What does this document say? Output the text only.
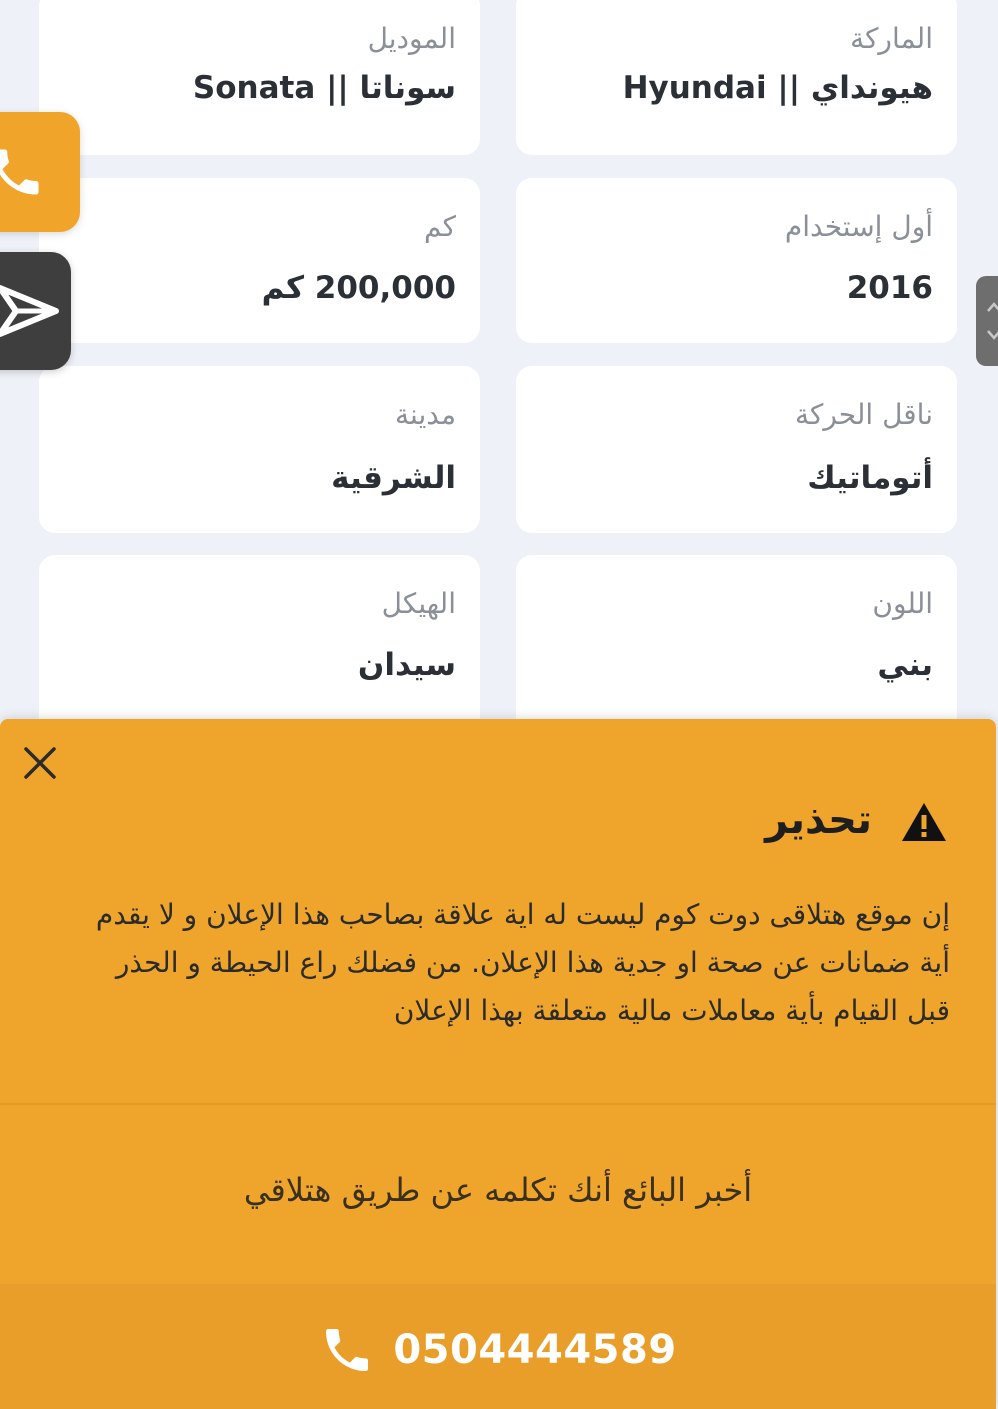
الماركة
هيونداي || Hyundai
الموديل
سوناتا || Sonata
أول إستخدام
2016
كم
200,000 كم
ناقل الحركة
أتوماتيك
مدينة
الشرقية
اللون
بني
الهيكل
سيدان
تحذير
إن موقع هتلاقى دوت كوم ليست له اية علاقة بصاحب هذا الإعلان و لا يقدم أية ضمانات عن صحة او جدية هذا الإعلان. من فضلك راع الحيطة و الحذر قبل القيام بأية معاملات مالية متعلقة بهذا الإعلان
أخبر البائع أنك تكلمه عن طريق هتلاقي
0504444589
